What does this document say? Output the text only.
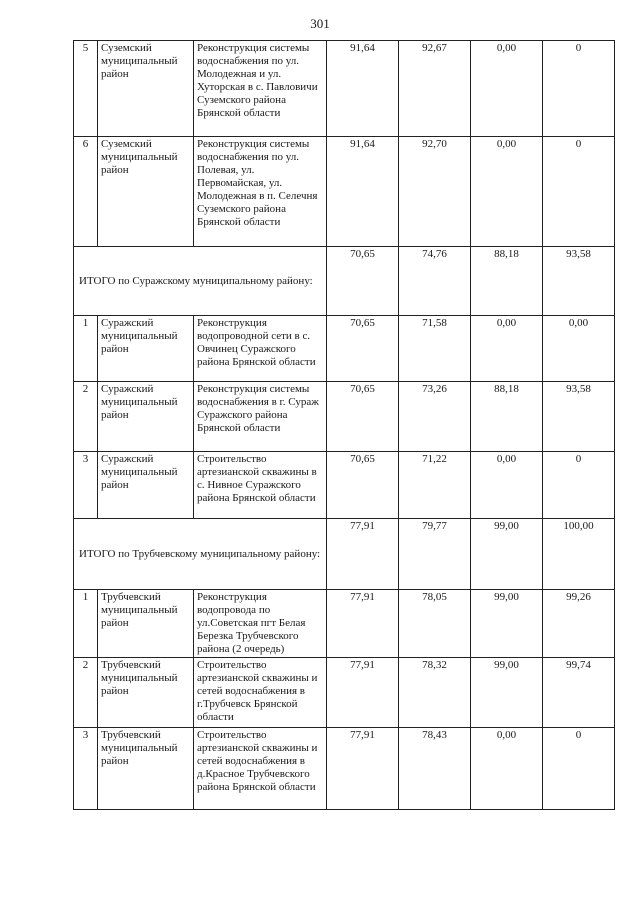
301
5	Суземский муниципальный район	Реконструкция системы водоснабжения по ул. Молодежная и ул. Хуторская в с. Павловичи Суземского района Брянской области	91,64	92,67	0,00	0
6	Суземский муниципальный район	Реконструкция системы водоснабжения по ул. Полевая, ул. Первомайская, ул. Молодежная в п. Селечня Суземского района Брянской области	91,64	92,70	0,00	0
ИТОГО по Суражскому муниципальному району:			70,65	74,76	88,18	93,58
1	Суражский муниципальный район	Реконструкция водопроводной сети в с. Овчинец Суражского района Брянской области	70,65	71,58	0,00	0,00
2	Суражский муниципальный район	Реконструкция системы водоснабжения в г. Сураж Суражского района Брянской области	70,65	73,26	88,18	93,58
3	Суражский муниципальный район	Строительство артезианской скважины в с. Нивное Суражского района Брянской области	70,65	71,22	0,00	0
ИТОГО по Трубчевскому муниципальному району:			77,91	79,77	99,00	100,00
1	Трубчевский муниципальный район	Реконструкция водопровода по ул.Советская пгт Белая Березка Трубчевского района (2 очередь)	77,91	78,05	99,00	99,26
2	Трубчевский муниципальный район	Строительство артезианской скважины и сетей водоснабжения в г.Трубчевск Брянской области	77,91	78,32	99,00	99,74
3	Трубчевский муниципальный район	Строительство артезианской скважины и сетей водоснабжения в д.Красное Трубчевского района Брянской области	77,91	78,43	0,00	0
